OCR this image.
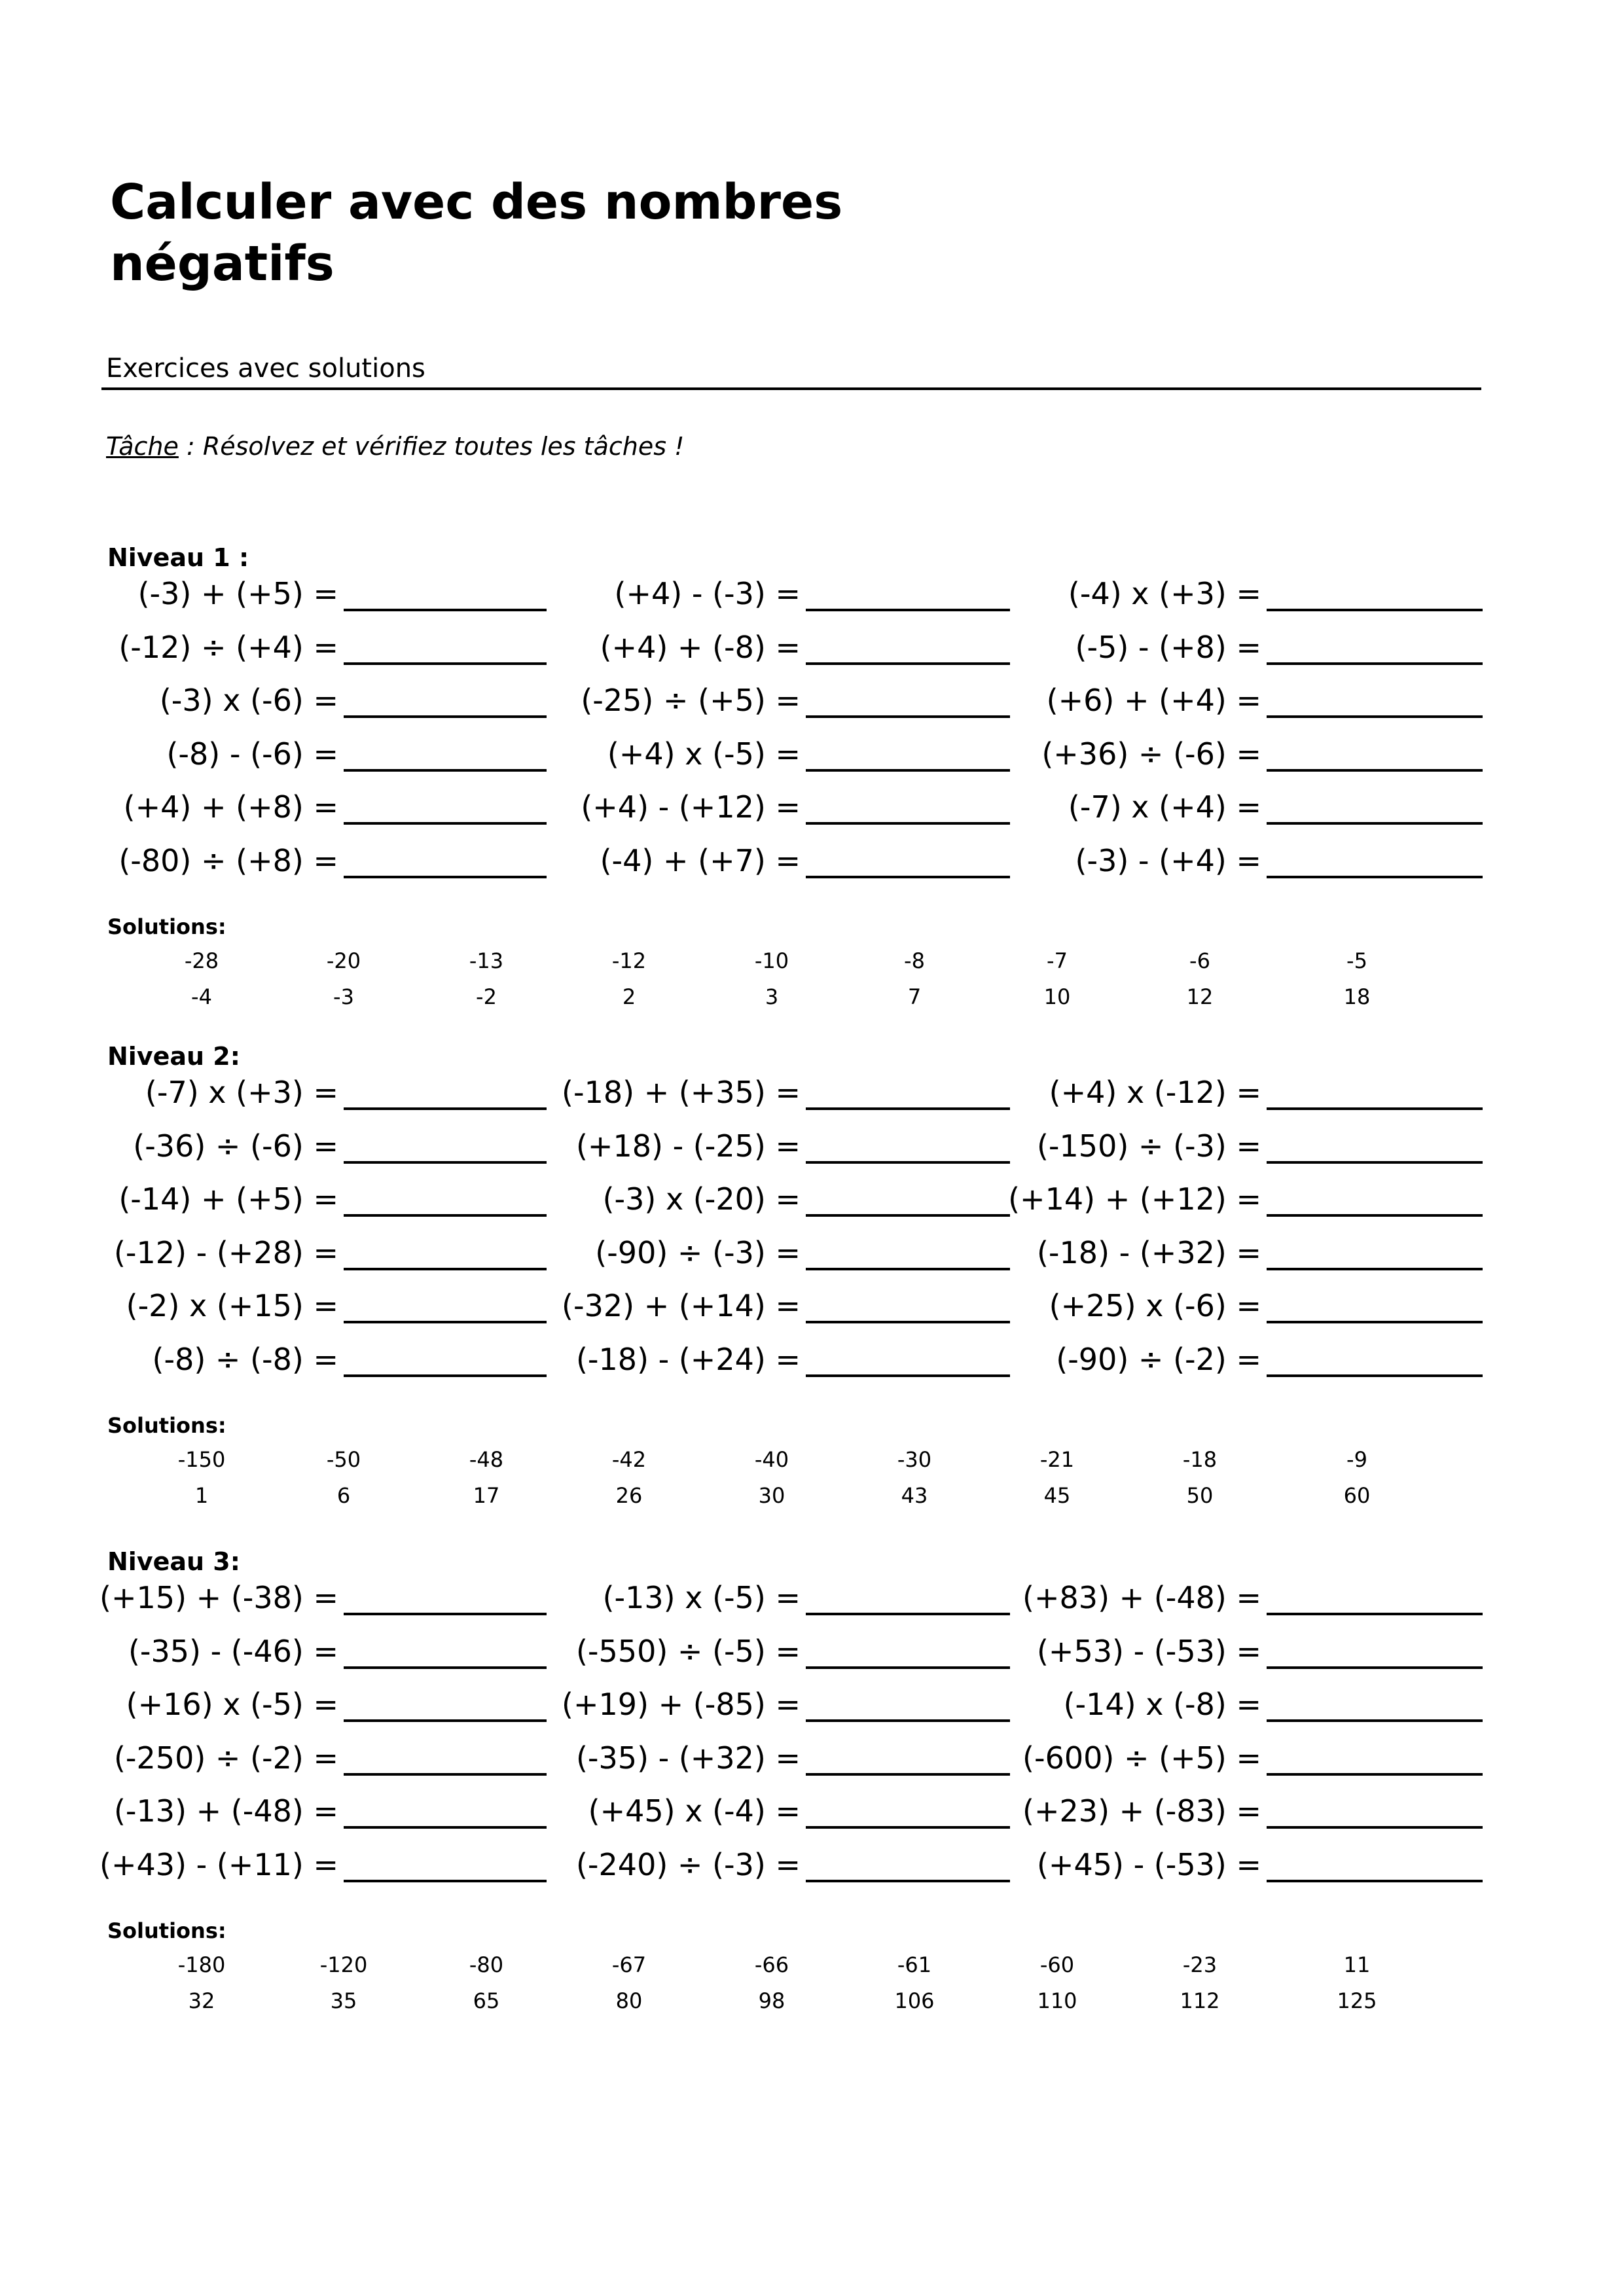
Calculer avec des nombres négatifs
Exercices avec solutions
Tâche : Résolvez et vérifiez toutes les tâches !
Niveau 1 :
(-3) + (+5) =	(+4) - (-3) =	(-4) x (+3) =
(-12) ÷ (+4) =	(+4) + (-8) =	(-5) - (+8) =
(-3) x (-6) =	(-25) ÷ (+5) =	(+6) + (+4) =
(-8) - (-6) =	(+4) x (-5) =	(+36) ÷ (-6) =
(+4) + (+8) =	(+4) - (+12) =	(-7) x (+4) =
(-80) ÷ (+8) =	(-4) + (+7) =	(-3) - (+4) =
Solutions:
-28	-20	-13	-12	-10	-8	-7	-6	-5
-4	-3	-2	2	3	7	10	12	18
Niveau 2:
(-7) x (+3) =	(-18) + (+35) =	(+4) x (-12) =
(-36) ÷ (-6) =	(+18) - (-25) =	(-150) ÷ (-3) =
(-14) + (+5) =	(-3) x (-20) =	(+14) + (+12) =
(-12) - (+28) =	(-90) ÷ (-3) =	(-18) - (+32) =
(-2) x (+15) =	(-32) + (+14) =	(+25) x (-6) =
(-8) ÷ (-8) =	(-18) - (+24) =	(-90) ÷ (-2) =
Solutions:
-150	-50	-48	-42	-40	-30	-21	-18	-9
1	6	17	26	30	43	45	50	60
Niveau 3:
(+15) + (-38) =	(-13) x (-5) =	(+83) + (-48) =
(-35) - (-46) =	(-550) ÷ (-5) =	(+53) - (-53) =
(+16) x (-5) =	(+19) + (-85) =	(-14) x (-8) =
(-250) ÷ (-2) =	(-35) - (+32) =	(-600) ÷ (+5) =
(-13) + (-48) =	(+45) x (-4) =	(+23) + (-83) =
(+43) - (+11) =	(-240) ÷ (-3) =	(+45) - (-53) =
Solutions:
-180	-120	-80	-67	-66	-61	-60	-23	11
32	35	65	80	98	106	110	112	125
